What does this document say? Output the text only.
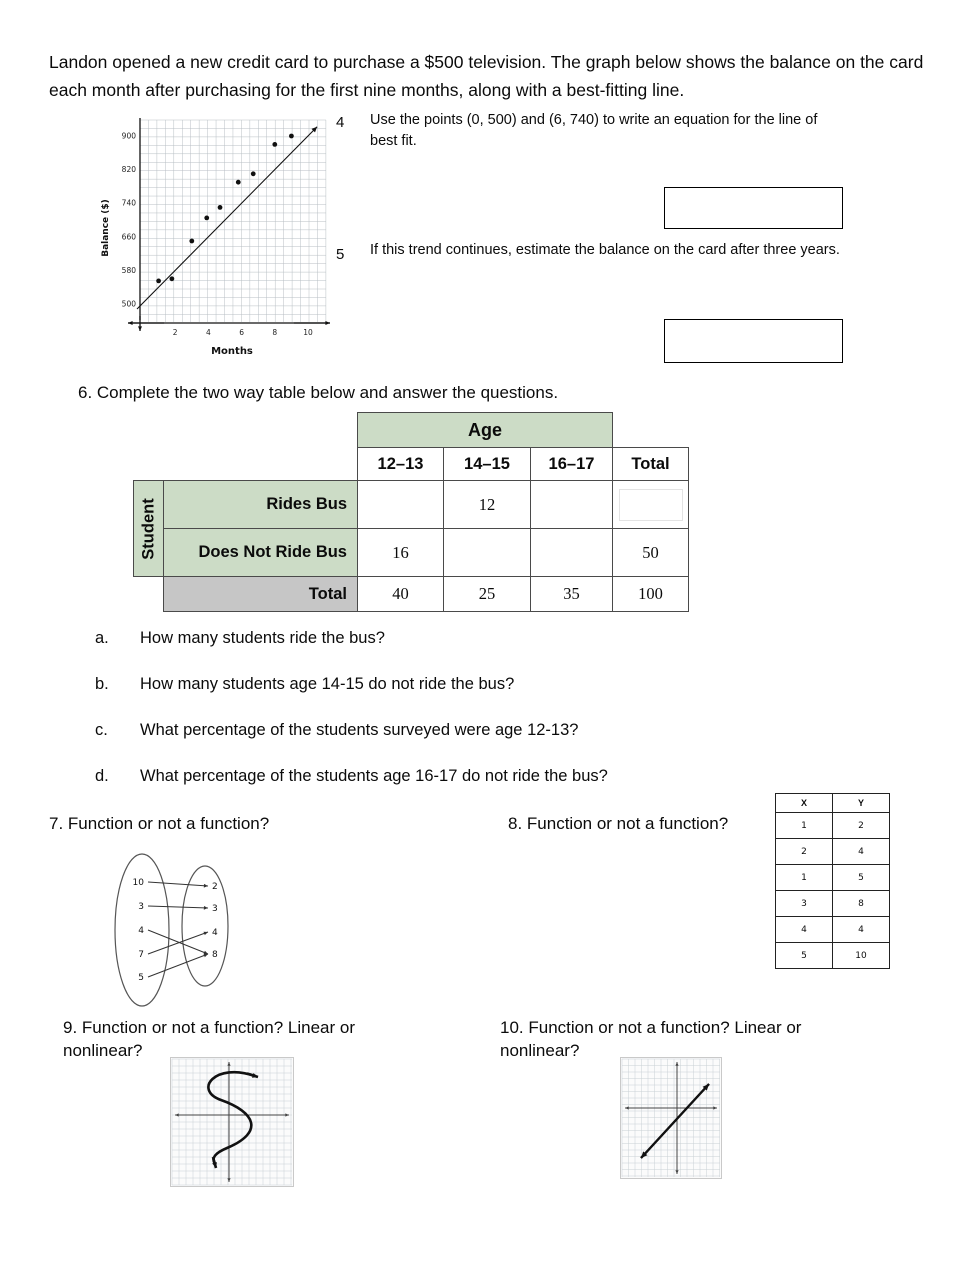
Landon opened a new credit card to purchase a $500 television. The graph below shows the balance on the card each month after purchasing for the first nine months, along with a best-fitting line.

500
580
660
740
820
900
2	4	6	8	10
Balance ($)
Months
4 Use the points (0, 500) and (6, 740) to write an equation for the line of best fit.
5 If this trend continues, estimate the balance on the card after three years.
6. Complete the two way table below and answer the questions.
		Age			
		12–13	14–15	16–17	Total

Student	Rides Bus		12		

	Does Not Ride Bus	16			50
	Total	40	25	35	100
a. How many students ride the bus?
b. How many students age 14-15 do not ride the bus?
c. What percentage of the students surveyed were age 12-13?
d. What percentage of the students age 16-17 do not ride the bus?
7. Function or not a function?
10
3
4
7
5
2
3
4
8
8. Function or not a function?
X	Y
1	2
2	4
1	5
3	8
4	4
5	10
9. Function or not a function? Linear or nonlinear?
10. Function or not a function? Linear or nonlinear?
